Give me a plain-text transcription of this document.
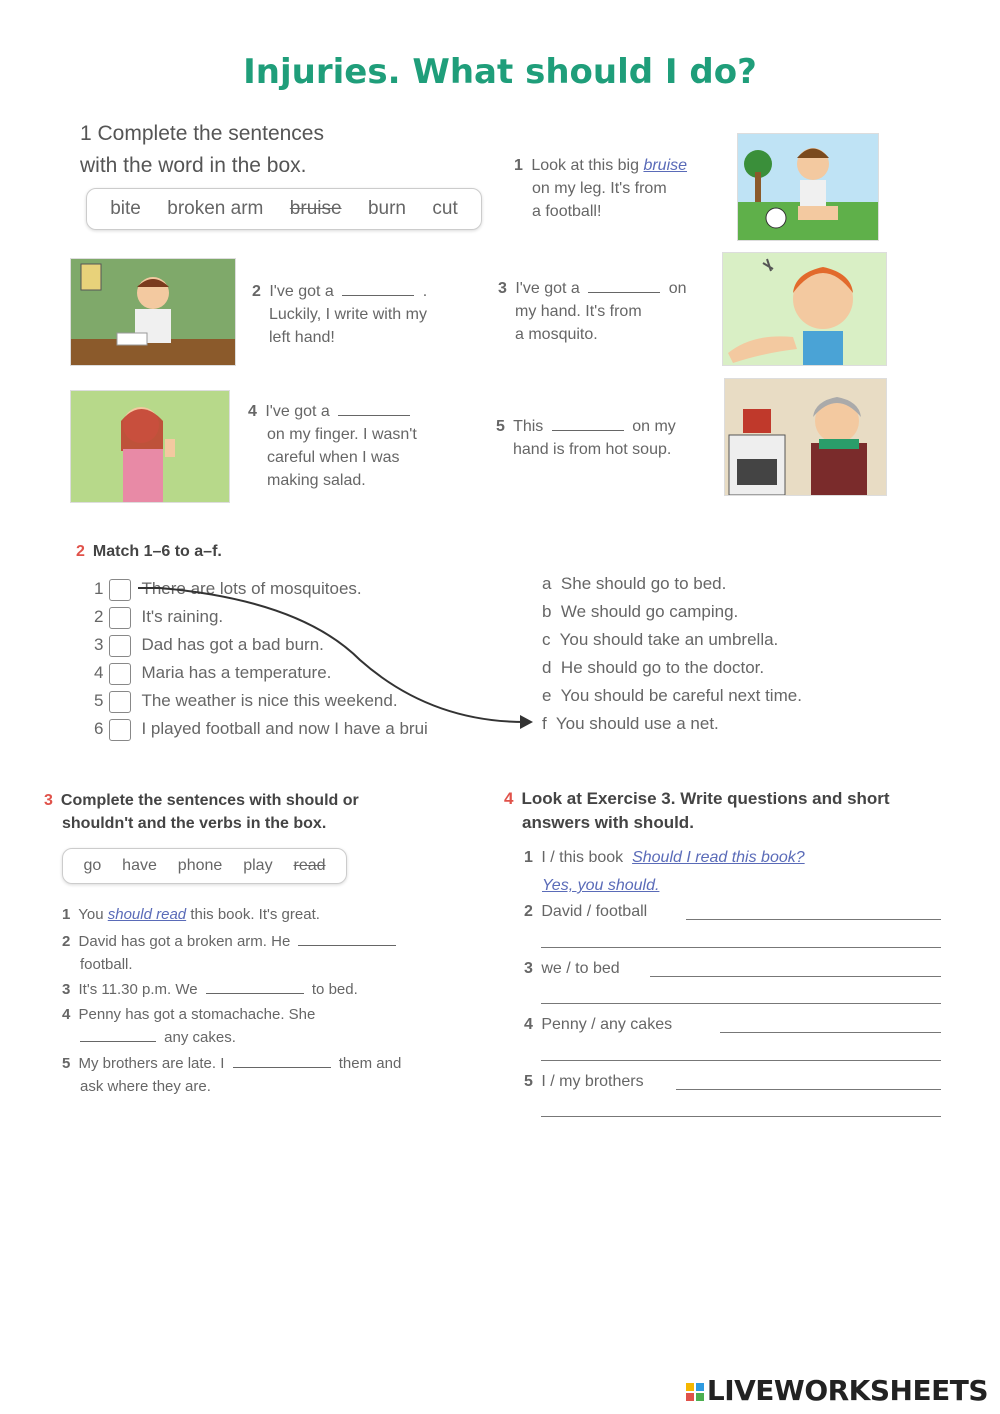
Injuries. What should I do?
1 Complete the sentences
with the word in the box.
bite broken arm bruise burn cut
1 Look at this big bruise
on my leg. It's from
a football!
2 I've got a	.
Luckily, I write with my
left hand!
3 I've got a	on
my hand. It's from
a mosquito.
4 I've got a
on my finger. I wasn't
careful when I was
making salad.
5 This	on my
hand is from hot soup.
2 Match 1–6 to a–f.
1 There are lots of mosquitoes.
2 It's raining.
3 Dad has got a bad burn.
4 Maria has a temperature.
5 The weather is nice this weekend.
6 I played football and now I have a brui
a She should go to bed.
b We should go camping.
c You should take an umbrella.
d He should go to the doctor.
e You should be careful next time.
f You should use a net.
3 Complete the sentences with should or
shouldn't and the verbs in the box.
go have phone play read
1 You should read this book. It's great.
2 David has got a broken arm. He
football.
3 It's 11.30 p.m. We	to bed.
4 Penny has got a stomachache. She
any cakes.
5 My brothers are late. I	them and
ask where they are.
4 Look at Exercise 3. Write questions and short
answers with should.
1 I / this book Should I read this book?
Yes, you should.
2 David / football
3 we / to bed
4 Penny / any cakes
5 I / my brothers

LIVEWORKSHEETS
